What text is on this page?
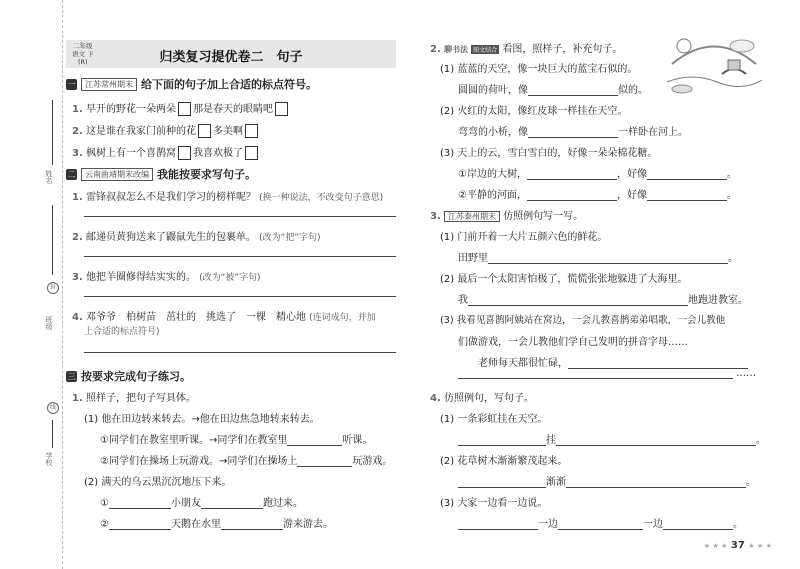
姓名
封
班级
线
学校
二年级
语文 下
(R)	归类复习提优卷二　句子
一	江苏常州期末 给下面的句子加上合适的标点符号。
1. 早开的野花一朵两朵 那是春天的眼睛吧
2. 这是谁在我家门前种的花 多美啊
3. 枫树上有一个喜鹊窝 我喜欢极了
二	云南曲靖期末改编 我能按要求写句子。
1. 雷锋叔叔怎么不是我们学习的榜样呢？ (换一种说法，不改变句子意思)
2. 邮递员黄狗送来了鼹鼠先生的包裹单。 (改为“把”字句)
3. 他把羊圈修得结实实的。 (改为“被”字句)
4. 邓爷爷　柏树苗　茁壮的　挑选了　一棵　精心地 (连词成句，并加
上合适的标点符号)
三 按要求完成句子练习。
1. 照样子，把句子写具体。
(1) 他在田边转来转去。→他在田边焦急地转来转去。
①同学们在教室里听课。→同学们在教室里	听课。
②同学们在操场上玩游戏。→同学们在操场上	玩游戏。
(2) 满天的乌云黑沉沉地压下来。
①	小朋友	跑过来。
②	天鹅在水里	游来游去。
2. 聊书法 图文结合 看图，照样子，补充句子。
(1) 蓝蓝的天空，像一块巨大的蓝宝石似的。
圆圆的荷叶，像	似的。
(2) 火红的太阳，像红皮球一样挂在天空。
弯弯的小桥，像	一样卧在河上。
(3) 天上的云，雪白雪白的，好像一朵朵棉花糖。
①岸边的大树，	，好像	。
②平静的河面，	，好像	。
3. 江苏泰州期末 仿照例句写一写。
(1) 门前开着一大片五颜六色的鲜花。
田野里	。
(2) 最后一个太阳害怕极了，慌慌张张地躲进了大海里。
我	地跑进教室。
(3) 我看见喜鹊阿姨站在窝边，一会儿教喜鹊弟弟唱歌，一会儿教他
们做游戏，一会儿教他们学自己发明的拼音字母……
老师每天都很忙碌，
……
4. 仿照例句，写句子。
(1) 一条彩虹挂在天空。
挂	。
(2) 花草树木渐渐繁茂起来。
渐渐	。
(3) 大家一边看一边说。
一边	一边	。
★ ★ ★ 37 ★ ★ ★
